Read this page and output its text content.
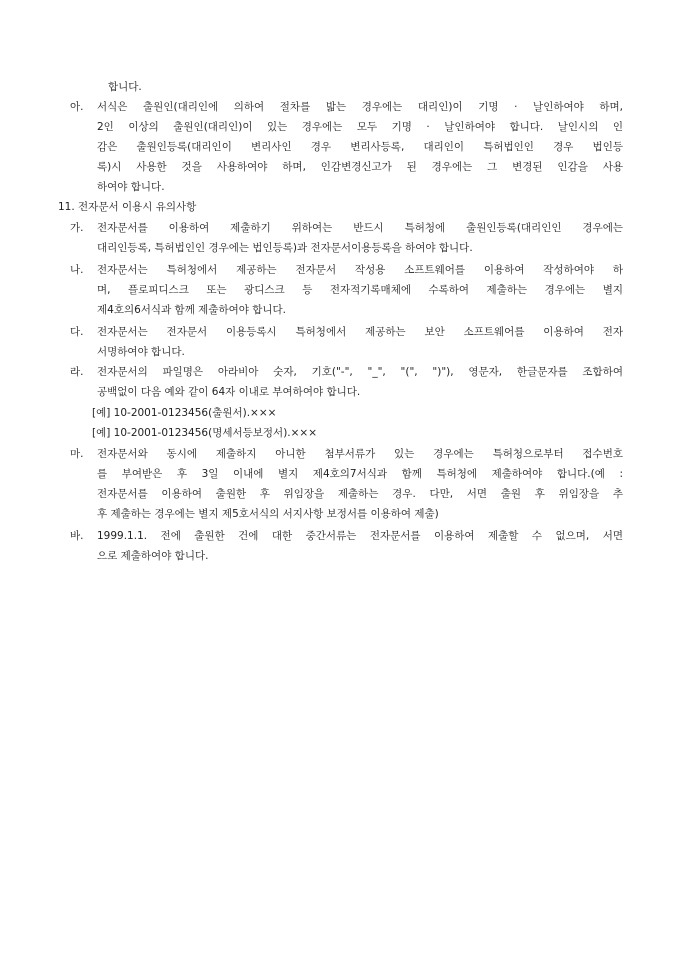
합니다.
아. 서식은 출원인(대리인에 의하여 절차를 밟는 경우에는 대리인)이 기명 · 날인하여야 하며,
2인 이상의 출원인(대리인)이 있는 경우에는 모두 기명 · 날인하여야 합니다. 날인시의 인
감은 출원인등록(대리인이 변리사인 경우 변리사등록, 대리인이 특허법인인 경우 법인등
록)시 사용한 것을 사용하여야 하며, 인감변경신고가 된 경우에는 그 변경된 인감을 사용
하여야 합니다.
11. 전자문서 이용시 유의사항
가. 전자문서를 이용하여 제출하기 위하여는 반드시 특허청에 출원인등록(대리인인 경우에는
대리인등록, 특허법인인 경우에는 법인등록)과 전자문서이용등록을 하여야 합니다.
나. 전자문서는 특허청에서 제공하는 전자문서 작성용 소프트웨어를 이용하여 작성하여야 하
며, 플로피디스크 또는 광디스크 등 전자적기록매체에 수록하여 제출하는 경우에는 별지
제4호의6서식과 함께 제출하여야 합니다.
다. 전자문서는 전자문서 이용등록시 특허청에서 제공하는 보안 소프트웨어를 이용하여 전자
서명하여야 합니다.
라. 전자문서의 파일명은 아라비아 숫자, 기호("-", "_", "(", ")"), 영문자, 한글문자를 조합하여
공백없이 다음 예와 같이 64자 이내로 부여하여야 합니다.
[예] 10-2001-0123456(출원서).×××
[예] 10-2001-0123456(명세서등보정서).×××
마. 전자문서와 동시에 제출하지 아니한 첨부서류가 있는 경우에는 특허청으로부터 접수번호
를 부여받은 후 3일 이내에 별지 제4호의7서식과 함께 특허청에 제출하여야 합니다.(예 :
전자문서를 이용하여 출원한 후 위임장을 제출하는 경우. 다만, 서면 출원 후 위임장을 추
후 제출하는 경우에는 별지 제5호서식의 서지사항 보정서를 이용하여 제출)
바. 1999.1.1. 전에 출원한 건에 대한 중간서류는 전자문서를 이용하여 제출할 수 없으며, 서면
으로 제출하여야 합니다.
